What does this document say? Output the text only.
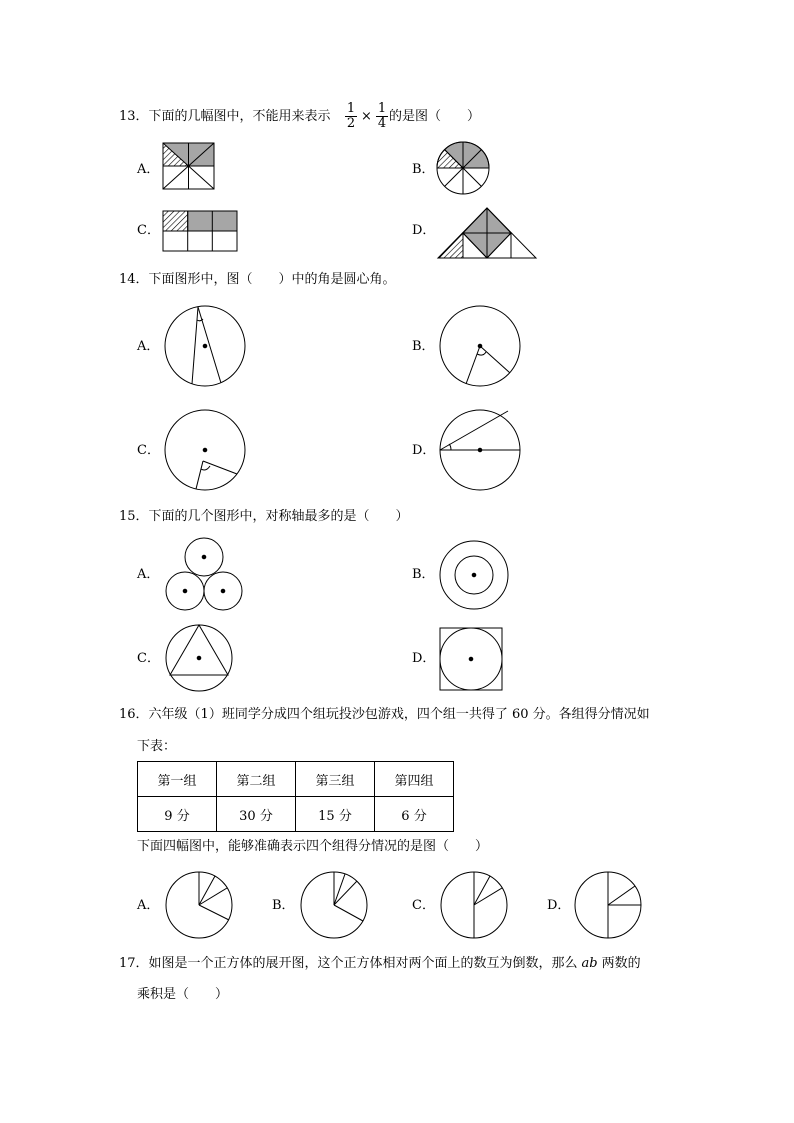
13．下面的几幅图中，不能用来表示 $\frac{1}{2} \times \frac{1}{4}$ 的是图（　　）
A．	B．
C．	D．
14．下面图形中，图（　　）中的角是圆心角。
A．	B．
C．	D．
15．下面的几个图形中，对称轴最多的是（　　）
A．	B．
C．	D．
16．六年级（1）班同学分成四个组玩投沙包游戏，四个组一共得了 60 分。各组得分情况如
下表：
第一组	第二组	第三组	第四组
9 分	30 分	15 分	6 分
下面四幅图中，能够准确表示四个组得分情况的是图（　　）
A．	B．	C．	D．
17．如图是一个正方体的展开图，这个正方体相对两个面上的数互为倒数，那么 ab 两数的
乘积是（　　）
